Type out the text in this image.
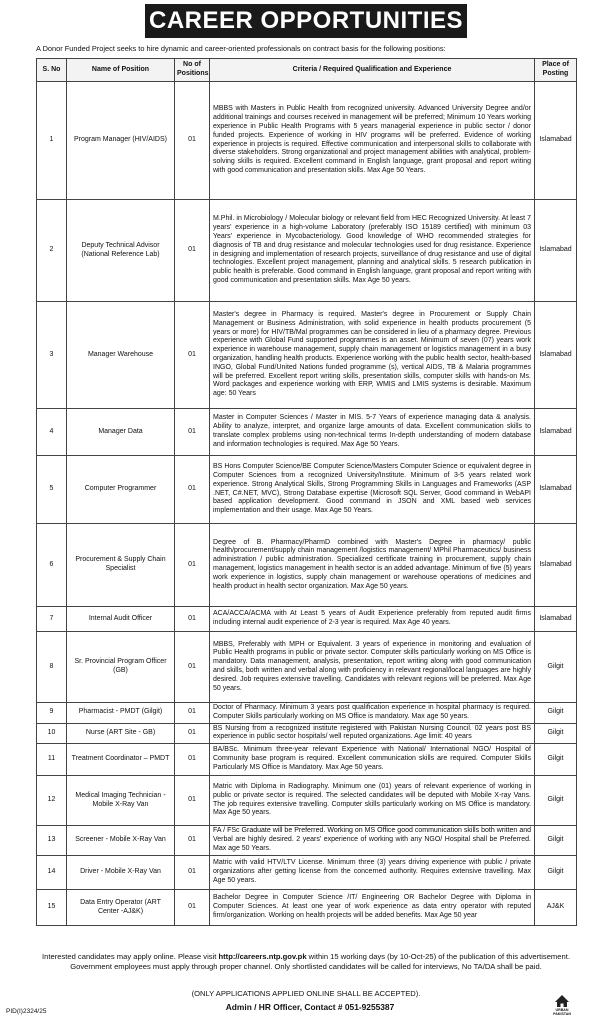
CAREER OPPORTUNITIES
A Donor Funded Project seeks to hire dynamic and career-oriented professionals on contract basis for the following positions:
S. No	Name of Position	No of Positions	Criteria / Required Qualification and Experience	Place of Posting
1	Program Manager (HIV/AIDS)	01	MBBS with Masters in Public Health from recognized university. Advanced University Degree and/or additional trainings and courses received in management will be preferred; Minimum 10 Years working experience in Public Health Programs with 5 years managerial experience in public sector / donor funded projects. Experience of working in HIV programs will be preferred. Evidence of working experience in projects is required. Effective communication and interpersonal skills to collaborate with diverse stakeholders. Strong organizational and project management abilities with analytical, problem-solving skills is required. Excellent command in English language, grant proposal and report writing with good communication and presentation skills. Max Age 50 Years.	Islamabad
2	Deputy Technical Advisor (National Reference Lab)	01	M.Phil. in Microbiology / Molecular biology or relevant field from HEC Recognized University. At least 7 years' experience in a high-volume Laboratory (preferably ISO 15189 certified) with minimum 03 Years' experience in Mycobacteriology. Good knowledge of WHO recommended strategies for diagnosis of TB and drug resistance and molecular technologies used for drug resistance. Experience in designing and implementation of research projects, surveillance of drug resistance and use of digital technologies. Excellent project management, planning and analytical skills. 5 research publication in public health is preferable. Good command in English language, grant proposal and report writing with good communication and presentation skills. Max Age 50 years.	Islamabad
3	Manager Warehouse	01	Master's degree in Pharmacy is required. Master's degree in Procurement or Supply Chain Management or Business Administration, with solid experience in health products procurement (5 years or more) for HIV/TB/Mal programmes can be considered in lieu of a pharmacy degree. Previous experience with Global Fund supported programmes is an asset. Minimum of seven (07) years work experience in warehouse management, supply chain management or logistics management in a busy organization, handling health products. Experience working with the public health sector, health-based INGO, Global Fund/United Nations funded programme (s), vertical AIDS, TB & Malaria programmes will be preferred. Excellent report writing skills, presentation skills, computer skills with hands-on Ms. Word packages and experience working with ERP, WMIS and LMIS systems is desirable. Maximum age: 50 Years	Islamabad
4	Manager Data	01	Master in Computer Sciences / Master in MIS. 5-7 Years of experience managing data & analysis. Ability to analyze, interpret, and organize large amounts of data. Excellent communication skills to translate complex problems using non-technical terms In-depth understanding of modern database and information technologies is required. Max Age 50 Years.	Islamabad
5	Computer Programmer	01	BS Hons Computer Science/BE Computer Science/Masters Computer Science or equivalent degree in Computer Sciences from a recognized University/Institute. Minimum of 3-5 years related work experience. Strong Analytical Skills, Strong Programming Skills in Languages and Frameworks (ASP .NET, C#.NET, MVC), Strong Database expertise (Microsoft SQL Server, Good command in WebAPI based application development. Good command in JSON and XML based web services implementation and their usage. Max Age 50 Years.	Islamabad
6	Procurement & Supply Chain Specialist	01	Degree of B. Pharmacy/PharmD combined with Master's Degree in pharmacy/ public health/procurement/supply chain management /logistics management/ MPhil Pharmaceutics/ business administration / public administration. Specialized certificate training in procurement, supply chain management, logistics management in health sector is an added advantage. Minimum of five (5) years work experience in logistics, supply chain management or warehouse operations of medicines and health product in health sector organization. Max Age 50 years.	Islamabad
7	Internal Audit Officer	01	ACA/ACCA/ACMA with At Least 5 years of Audit Experience preferably from reputed audit firms including internal audit experience of 2-3 year is required. Max Age 40 years.	Islamabad
8	Sr. Provincial Program Officer (GB)	01	MBBS, Preferably with MPH or Equivalent. 3 years of experience in monitoring and evaluation of Public Health programs in public or private sector. Computer skills particularly working on MS Office is mandatory. Data management, analysis, presentation, report writing along with good communication and skills, both written and verbal along with proficiency in relevant regional/local languages are highly desired. Job requires extensive travelling. Candidates with relevant regions will be preferred. Max Age 50 years.	Gilgit
9	Pharmacist - PMDT (Gilgit)	01	Doctor of Pharmacy. Minimum 3 years post qualification experience in hospital pharmacy is required. Computer Skills particularly working on MS Office is mandatory. Max age 50 years.	Gilgit
10	Nurse (ART Site - GB)	01	BS Nursing from a recognized institute registered with Pakistan Nursing Council. 02 years post BS experience in public sector hospitals/ well reputed organizations. Age limit: 40 years	Gilgit
11	Treatment Coordinator – PMDT	01	BA/BSc. Minimum three-year relevant Experience with National/ International NGO/ Hospital of Community base program is required. Excellent communication skills are required. Computer Skills Particularly MS Office is Mandatory. Max Age 50 years.	Gilgit
12	Medical Imaging Technician - Mobile X-Ray Van	01	Matric with Diploma in Radiography. Minimum one (01) years of relevant experience of working in public or private sector is required. The selected candidates will be deputed with Mobile X-ray Vans. The job requires extensive travelling. Computer skills particularly working on MS Office is mandatory. Max Age 50 years.	Gilgit
13	Screener - Mobile X-Ray Van	01	FA / FSc Graduate will be Preferred. Working on MS Office good communication skills both written and Verbal are highly desired. 2 years' experience of working with any NGO/ Hospital shall be Preferred. Max age 50 Years.	Gilgit
14	Driver - Mobile X-Ray Van	01	Matric with valid HTV/LTV License. Minimum three (3) years driving experience with public / private organizations after getting license from the concerned authority. Requires extensive travelling. Max Age 50 years.	Gilgit
15	Data Entry Operator (ART Center -AJ&K)	01	Bachelor Degree in Computer Science /IT/ Engineering OR Bachelor Degree with Diploma in Computer Sciences. At least one year of work experience as data entry operator with reputed firm/organization. Working on health projects will be added benefits. Max Age 50 year	AJ&K
Interested candidates may apply online. Please visit http://careers.ntp.gov.pk within 15 working days (by 10-Oct-25) of the publication of this advertisement. Government employees must apply through proper channel. Only shortlisted candidates will be called for interviews, No TA/DA shall be paid.
(ONLY APPLICATIONS APPLIED ONLINE SHALL BE ACCEPTED).
PID(I)2324/25	Admin / HR Officer, Contact # 051-9255387	URBAN PAKISTAN
